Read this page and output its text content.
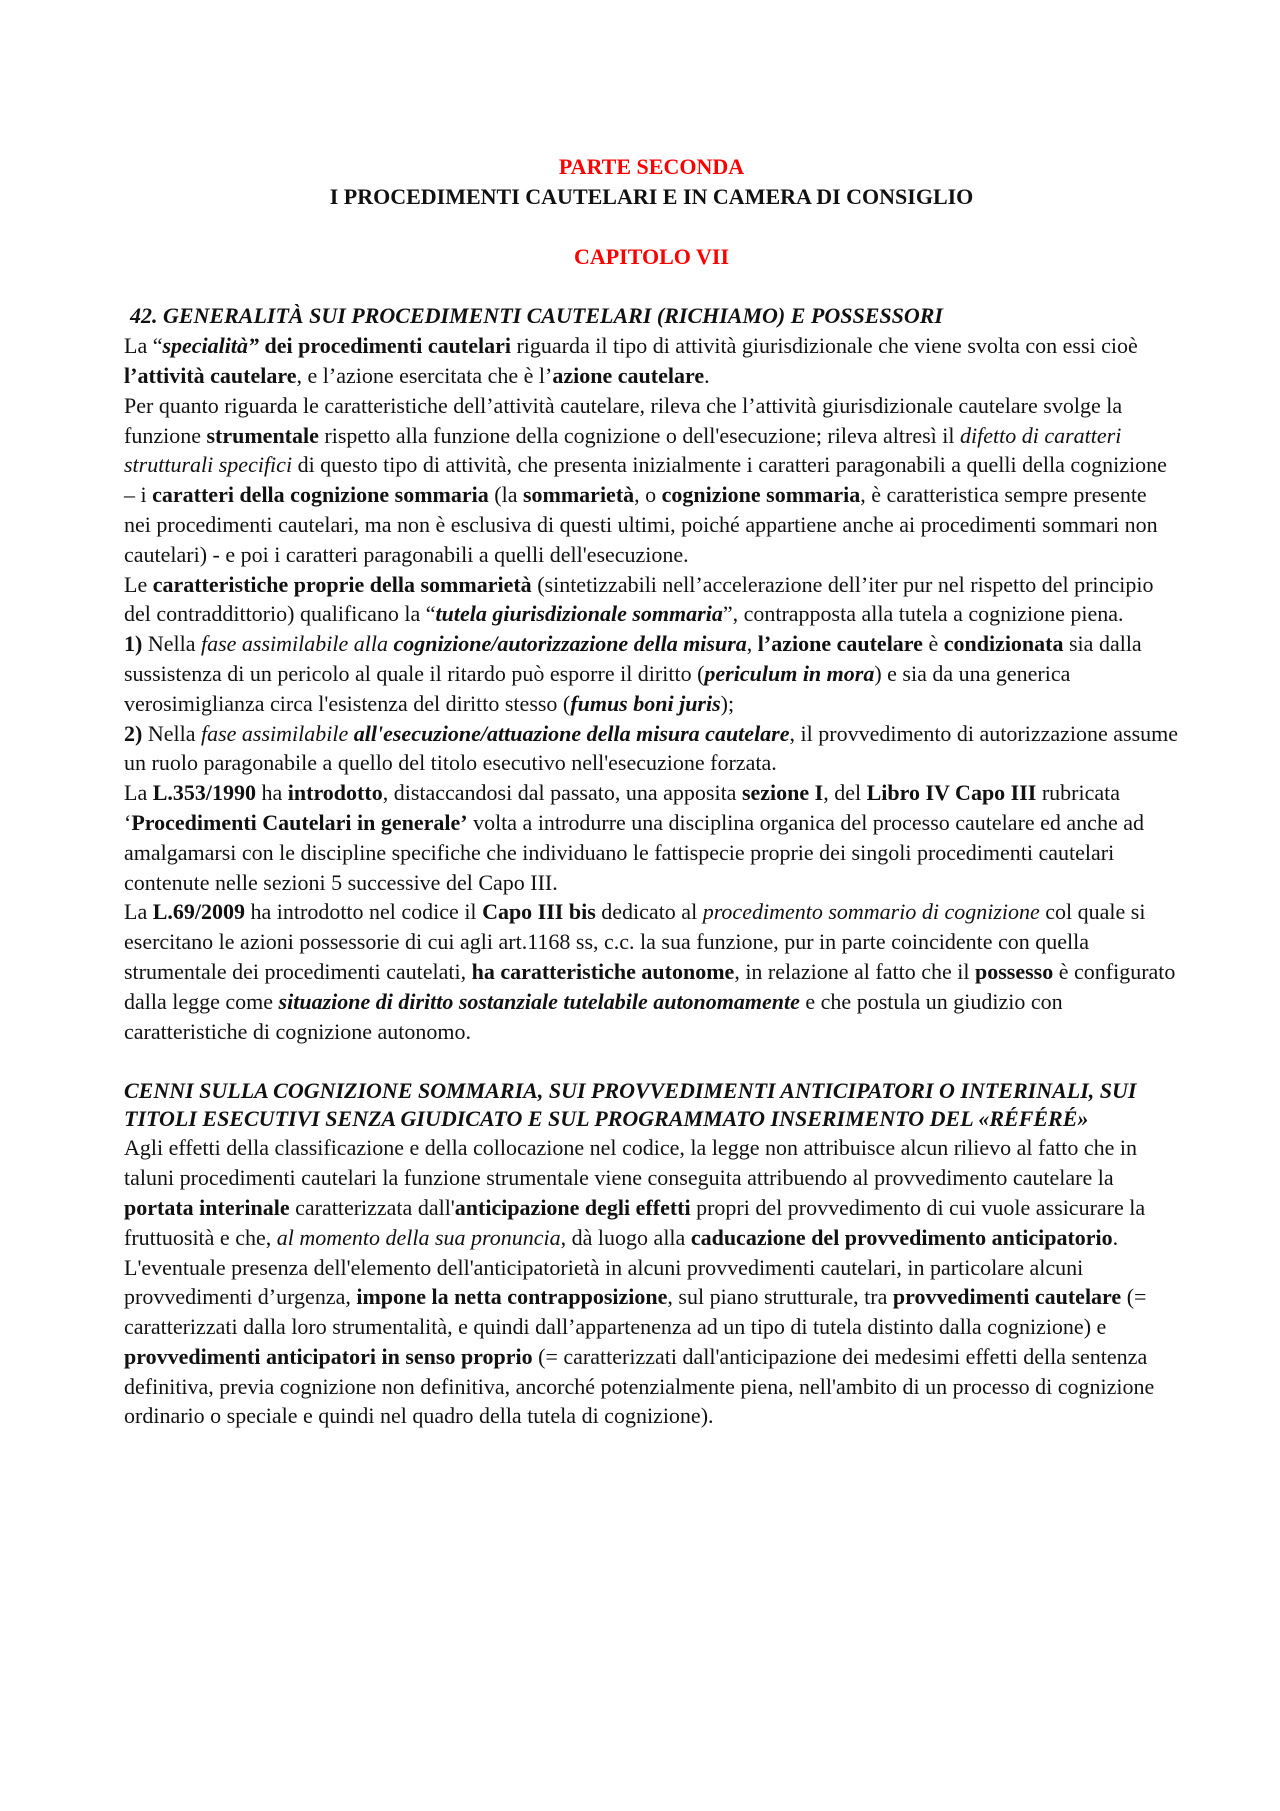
PARTE SECONDA

I PROCEDIMENTI CAUTELARI E IN CAMERA DI CONSIGLIO

CAPITOLO VII

42. GENERALITÀ SUI PROCEDIMENTI CAUTELARI (RICHIAMO) E POSSESSORI

La “specialità” dei procedimenti cautelari riguarda il tipo di attività giurisdizionale che viene svolta con essi cioè l’attività cautelare, e l’azione esercitata che è l’azione cautelare.

Per quanto riguarda le caratteristiche dell’attività cautelare, rileva che l’attività giurisdizionale cautelare svolge la funzione strumentale rispetto alla funzione della cognizione o dell'esecuzione; rileva altresì il difetto di caratteri strutturali specifici di questo tipo di attività, che presenta inizialmente i caratteri paragonabili a quelli della cognizione – i caratteri della cognizione sommaria (la sommarietà, o cognizione sommaria, è caratteristica sempre presente nei procedimenti cautelari, ma non è esclusiva di questi ultimi, poiché appartiene anche ai procedimenti sommari non cautelari) - e poi i caratteri paragonabili a quelli dell'esecuzione.

Le caratteristiche proprie della sommarietà (sintetizzabili nell’accelerazione dell’iter pur nel rispetto del principio del contraddittorio) qualificano la “tutela giurisdizionale sommaria”, contrapposta alla tutela a cognizione piena.

1) Nella fase assimilabile alla cognizione/autorizzazione della misura, l’azione cautelare è condizionata sia dalla sussistenza di un pericolo al quale il ritardo può esporre il diritto (periculum in mora) e sia da una generica verosimiglianza circa l'esistenza del diritto stesso (fumus boni juris);

2) Nella fase assimilabile all'esecuzione/attuazione della misura cautelare, il provvedimento di autorizzazione assume un ruolo paragonabile a quello del titolo esecutivo nell'esecuzione forzata.

La L.353/1990 ha introdotto, distaccandosi dal passato, una apposita sezione I, del Libro IV Capo III rubricata ‘Procedimenti Cautelari in generale’ volta a introdurre una disciplina organica del processo cautelare ed anche ad amalgamarsi con le discipline specifiche che individuano le fattispecie proprie dei singoli procedimenti cautelari contenute nelle sezioni 5 successive del Capo III.

La L.69/2009 ha introdotto nel codice il Capo III bis dedicato al procedimento sommario di cognizione col quale si esercitano le azioni possessorie di cui agli art.1168 ss, c.c. la sua funzione, pur in parte coincidente con quella strumentale dei procedimenti cautelati, ha caratteristiche autonome, in relazione al fatto che il possesso è configurato dalla legge come situazione di diritto sostanziale tutelabile autonomamente e che postula un giudizio con caratteristiche di cognizione autonomo.

CENNI SULLA COGNIZIONE SOMMARIA, SUI PROVVEDIMENTI ANTICIPATORI O INTERINALI, SUI TITOLI ESECUTIVI SENZA GIUDICATO E SUL PROGRAMMATO INSERIMENTO DEL «RÉFÉRÉ»

Agli effetti della classificazione e della collocazione nel codice, la legge non attribuisce alcun rilievo al fatto che in taluni procedimenti cautelari la funzione strumentale viene conseguita attribuendo al provvedimento cautelare la portata interinale caratterizzata dall'anticipazione degli effetti propri del provvedimento di cui vuole assicurare la fruttuosità e che, al momento della sua pronuncia, dà luogo alla caducazione del provvedimento anticipatorio.

L'eventuale presenza dell'elemento dell'anticipatorietà in alcuni provvedimenti cautelari, in particolare alcuni provvedimenti d’urgenza, impone la netta contrapposizione, sul piano strutturale, tra provvedimenti cautelare (= caratterizzati dalla loro strumentalità, e quindi dall’appartenenza ad un tipo di tutela distinto dalla cognizione) e provvedimenti anticipatori in senso proprio (= caratterizzati dall'anticipazione dei medesimi effetti della sentenza definitiva, previa cognizione non definitiva, ancorché potenzialmente piena, nell'ambito di un processo di cognizione ordinario o speciale e quindi nel quadro della tutela di cognizione).
